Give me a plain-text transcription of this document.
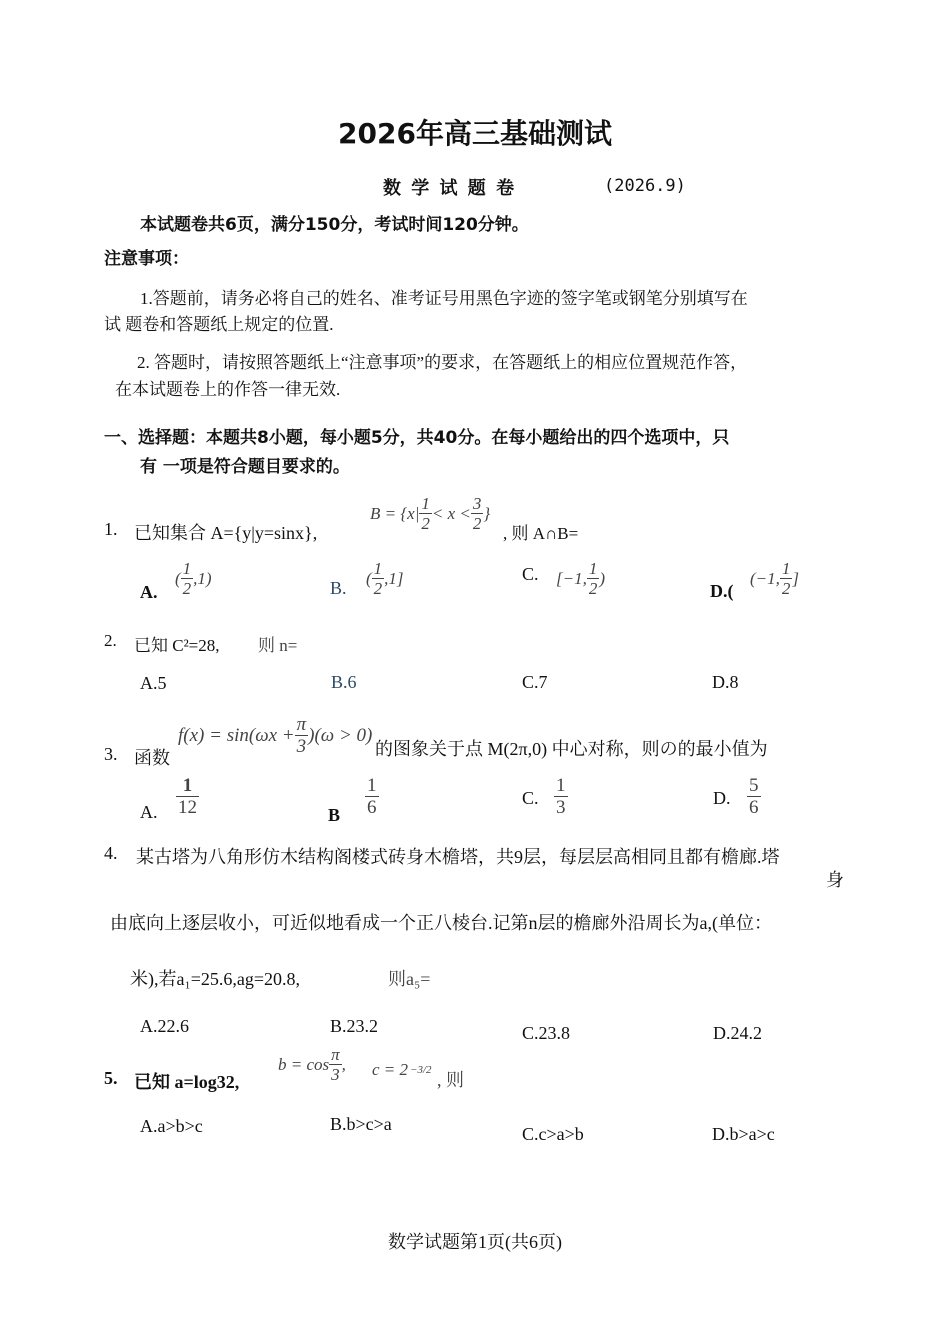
2026年高三基础测试
数 学 试 题 卷	(2026.9)
本试题卷共6页，满分150分，考试时间120分钟。
注意事项：
1.答题前，请务必将自己的姓名、准考证号用黑色字迹的签字笔或钢笔分别填写在
试 题卷和答题纸上规定的位置.
2. 答题时，请按照答题纸上“注意事项”的要求，在答题纸上的相应位置规范作答，
在本试题卷上的作答一律无效.
一、选择题：本题共8小题，每小题5分，共40分。在每小题给出的四个选项中，只
有 一项是符合题目要求的。
1. 已知集合 A={y|y=sinx},
$B = \{x| \frac{1}{2} < x < \frac{3}{2}$ }
, 则 A∩B=
A.
( $\frac{1}{2} ,1$)	B. ( $\frac{1}{2} ,1$]	C. [−1, $\frac{1}{2}$ )
D.(
(−1, $\frac{1}{2}$ ]
2. 已知 C²=28, 则 n=
A.5	B.6	C.7	D.8
3. 函数
$f(x) = \sin(\omega x + \frac{\pi}{3} )(\omega > 0)$
的图象关于点 M(2π,0) 中心对称，则の的最小值为
A. $\frac{1}{12}$	B $\frac{1}{6}$	C. $\frac{1}{3}$	D. $\frac{5}{6}$
4. 某古塔为八角形仿木结构阁楼式砖身木檐塔，共9层，每层层高相同且都有檐廊.塔
身
由底向上逐层收小，可近似地看成一个正八棱台.记第n层的檐廊外沿周长为a,(单位：
米),若a₁=25.6,ag=20.8,	则a₅=
A.22.6	B.23.2	C.23.8	D.24.2
5. 已知 a=log32,
$b = \cos \frac{\pi}{3}$ , c = 2 −3/2 , 则
A.a>b>c	B.b>c>a	C.c>a>b	D.b>a>c
数学试题第1页(共6页)
